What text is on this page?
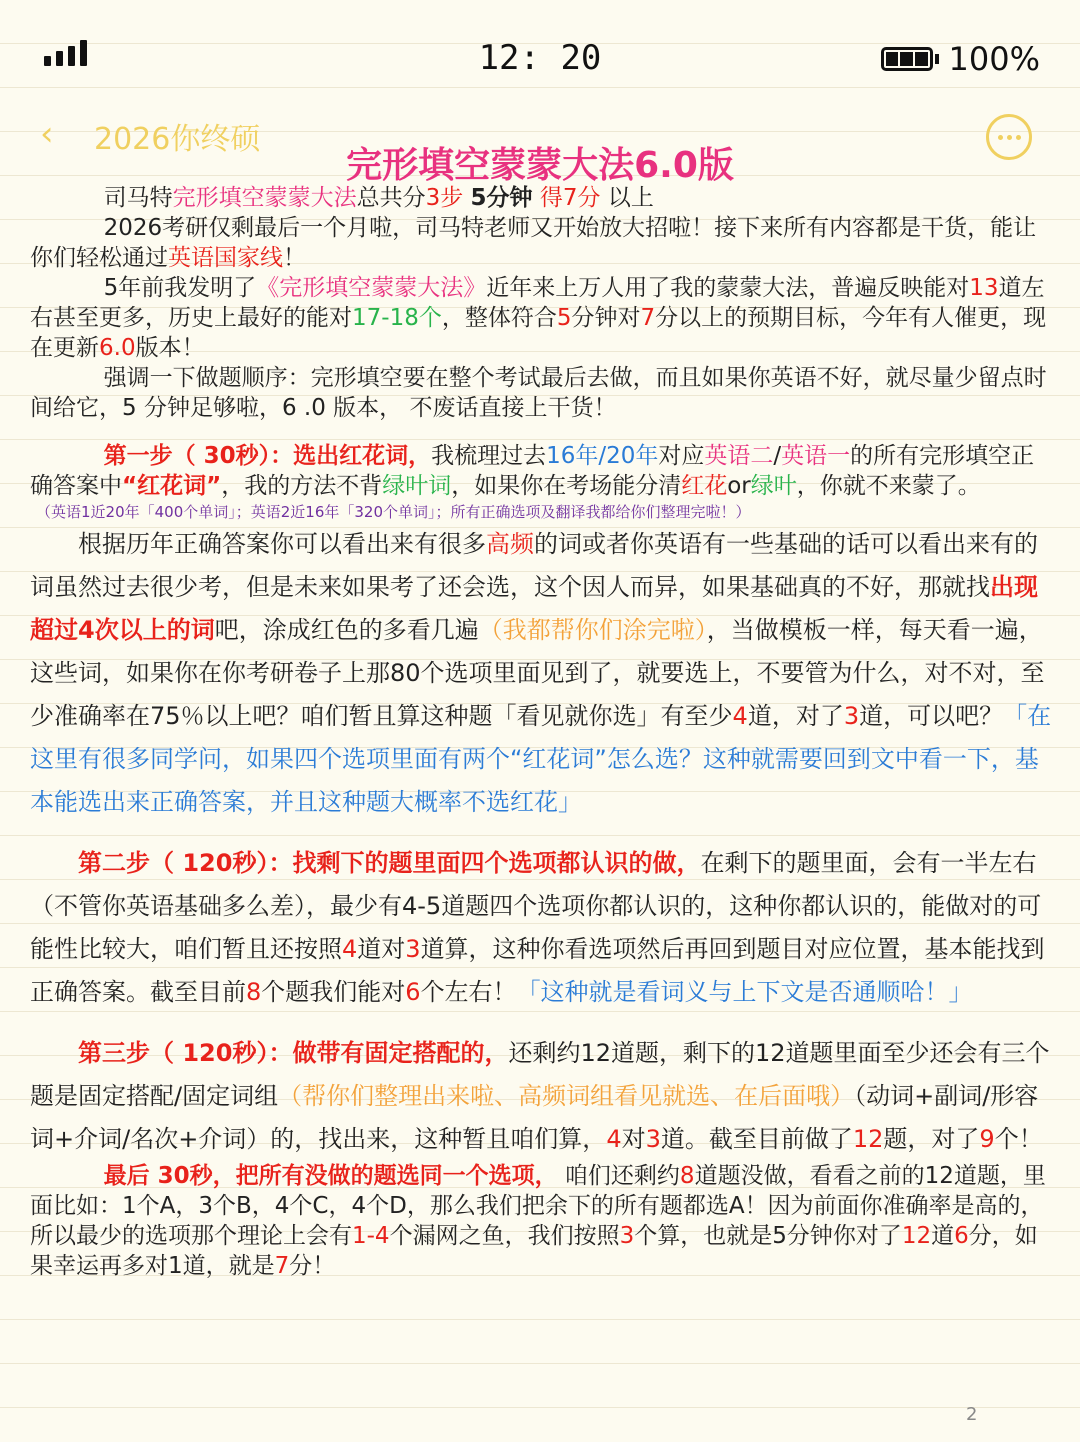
12: 20	100%
‹ 2026你终硕
完形填空蒙蒙大法6.0版

司马特完形填空蒙蒙大法总共分3步 5分钟 得7分 以上

2026考研仅剩最后一个月啦，司马特老师又开始放大招啦！接下来所有内容都是干货，能让你们轻松通过英语国家线！

5年前我发明了《完形填空蒙蒙大法》近年来上万人用了我的蒙蒙大法，普遍反映能对13道左右甚至更多，历史上最好的能对17-18个，整体符合5分钟对7分以上的预期目标，今年有人催更，现在更新6.0版本！

强调一下做题顺序：完形填空要在整个考试最后去做，而且如果你英语不好，就尽量少留点时间给它，5 分钟足够啦，6 .0 版本， 不废话直接上干货！

第一步（ 30秒）：选出红花词，我梳理过去16年/20年对应英语二/英语一的所有完形填空正确答案中“红花词”，我的方法不背绿叶词，如果你在考场能分清红花or绿叶，你就不来蒙了。

（英语1近20年「400个单词」；英语2近16年「320个单词」；所有正确选项及翻译我都给你们整理完啦！）

根据历年正确答案你可以看出来有很多高频的词或者你英语有一些基础的话可以看出来有的词虽然过去很少考，但是未来如果考了还会选，这个因人而异，如果基础真的不好，那就找出现超过4次以上的词吧，涂成红色的多看几遍（我都帮你们涂完啦），当做模板一样，每天看一遍，这些词，如果你在你考研卷子上那80个选项里面见到了，就要选上，不要管为什么，对不对，至少准确率在75％以上吧？咱们暂且算这种题「看见就你选」有至少4道，对了3道，可以吧？「在这里有很多同学问，如果四个选项里面有两个“红花词”怎么选？这种就需要回到文中看一下，基本能选出来正确答案，并且这种题大概率不选红花」

第二步（ 120秒）：找剩下的题里面四个选项都认识的做，在剩下的题里面，会有一半左右（不管你英语基础多么差），最少有4-5道题四个选项你都认识的，这种你都认识的，能做对的可能性比较大，咱们暂且还按照4道对3道算，这种你看选项然后再回到题目对应位置，基本能找到正确答案。截至目前8个题我们能对6个左右！「这种就是看词义与上下文是否通顺哈！」

第三步（ 120秒）：做带有固定搭配的，还剩约12道题，剩下的12道题里面至少还会有三个题是固定搭配/固定词组（帮你们整理出来啦、高频词组看见就选、在后面哦）（动词+副词/形容词+介词/名次+介词）的，找出来，这种暂且咱们算，4对3道。截至目前做了12题，对了9个！

最后 30秒，把所有没做的题选同一个选项， 咱们还剩约8道题没做，看看之前的12道题，里面比如：1个A，3个B，4个C，4个D，那么我们把余下的所有题都选A！因为前面你准确率是高的，所以最少的选项那个理论上会有1-4个漏网之鱼，我们按照3个算，也就是5分钟你对了12道6分，如果幸运再多对1道，就是7分！

2
